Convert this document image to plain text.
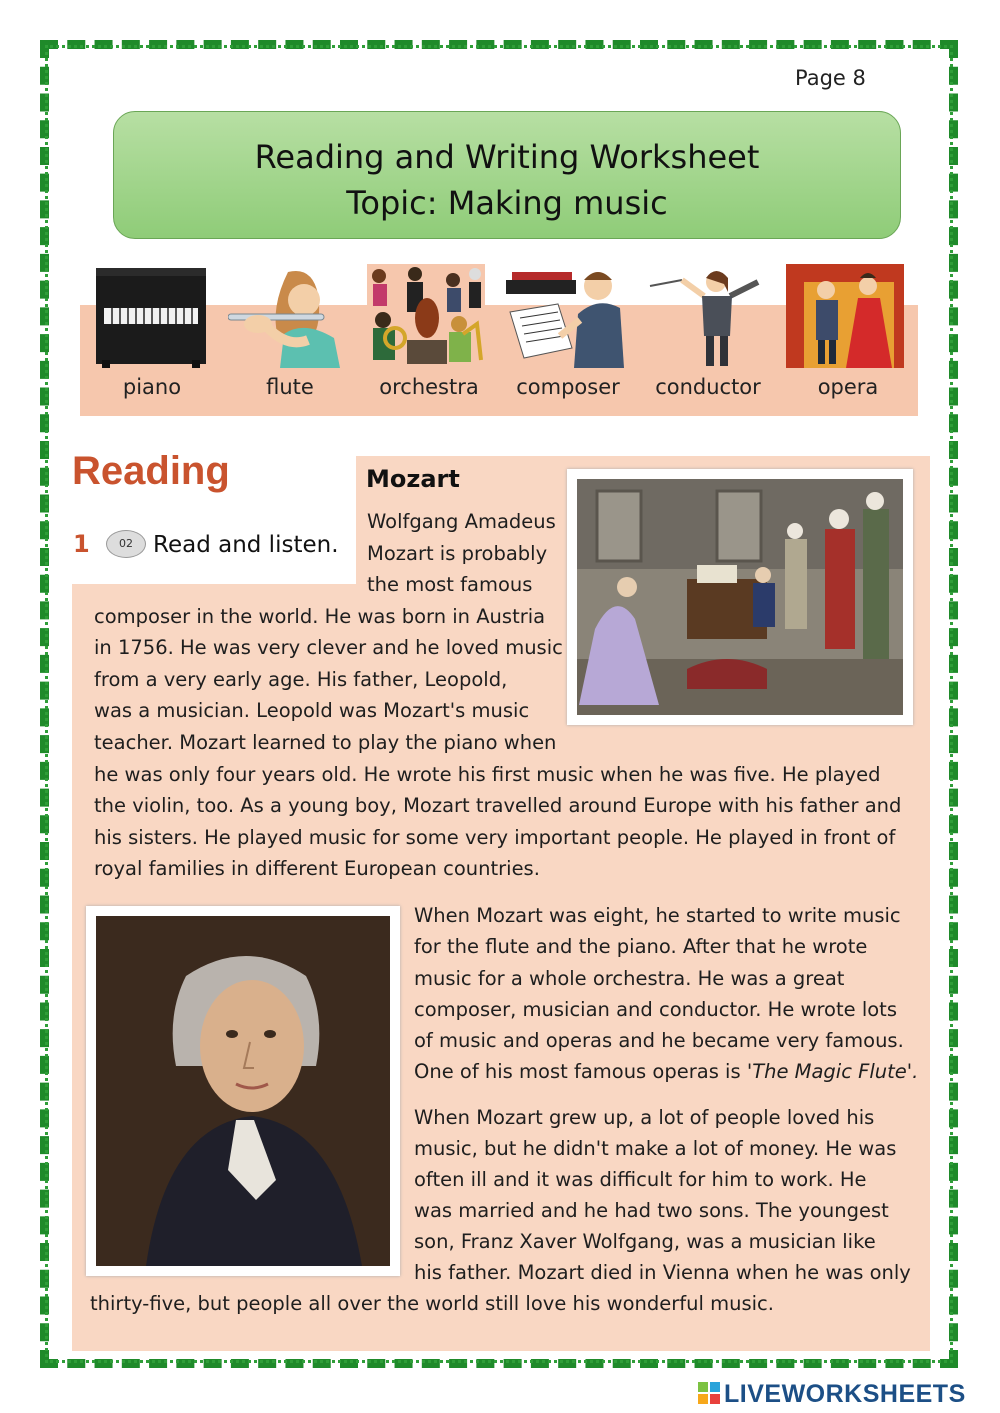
Page 8
Reading and Writing Worksheet
Topic: Making music
piano	flute	orchestra	composer	conductor	opera
Reading
1	02 Read and listen.
Mozart
Wolfgang Amadeus
Mozart is probably
the most famous
composer in the world. He was born in Austria
in 1756. He was very clever and he loved music
from a very early age. His father, Leopold,
was a musician. Leopold was Mozart's music
teacher. Mozart learned to play the piano when
he was only four years old. He wrote his first music when he was five. He played
the violin, too. As a young boy, Mozart travelled around Europe with his father and
his sisters. He played music for some very important people. He played in front of
royal families in different European countries.
When Mozart was eight, he started to write music
for the flute and the piano. After that he wrote
music for a whole orchestra. He was a great
composer, musician and conductor. He wrote lots
of music and operas and he became very famous.
One of his most famous operas is 'The Magic Flute'.
When Mozart grew up, a lot of people loved his
music, but he didn't make a lot of money. He was
often ill and it was difficult for him to work. He
was married and he had two sons. The youngest
son, Franz Xaver Wolfgang, was a musician like
his father. Mozart died in Vienna when he was only
thirty-five, but people all over the world still love his wonderful music.
LIVEWORKSHEETS
